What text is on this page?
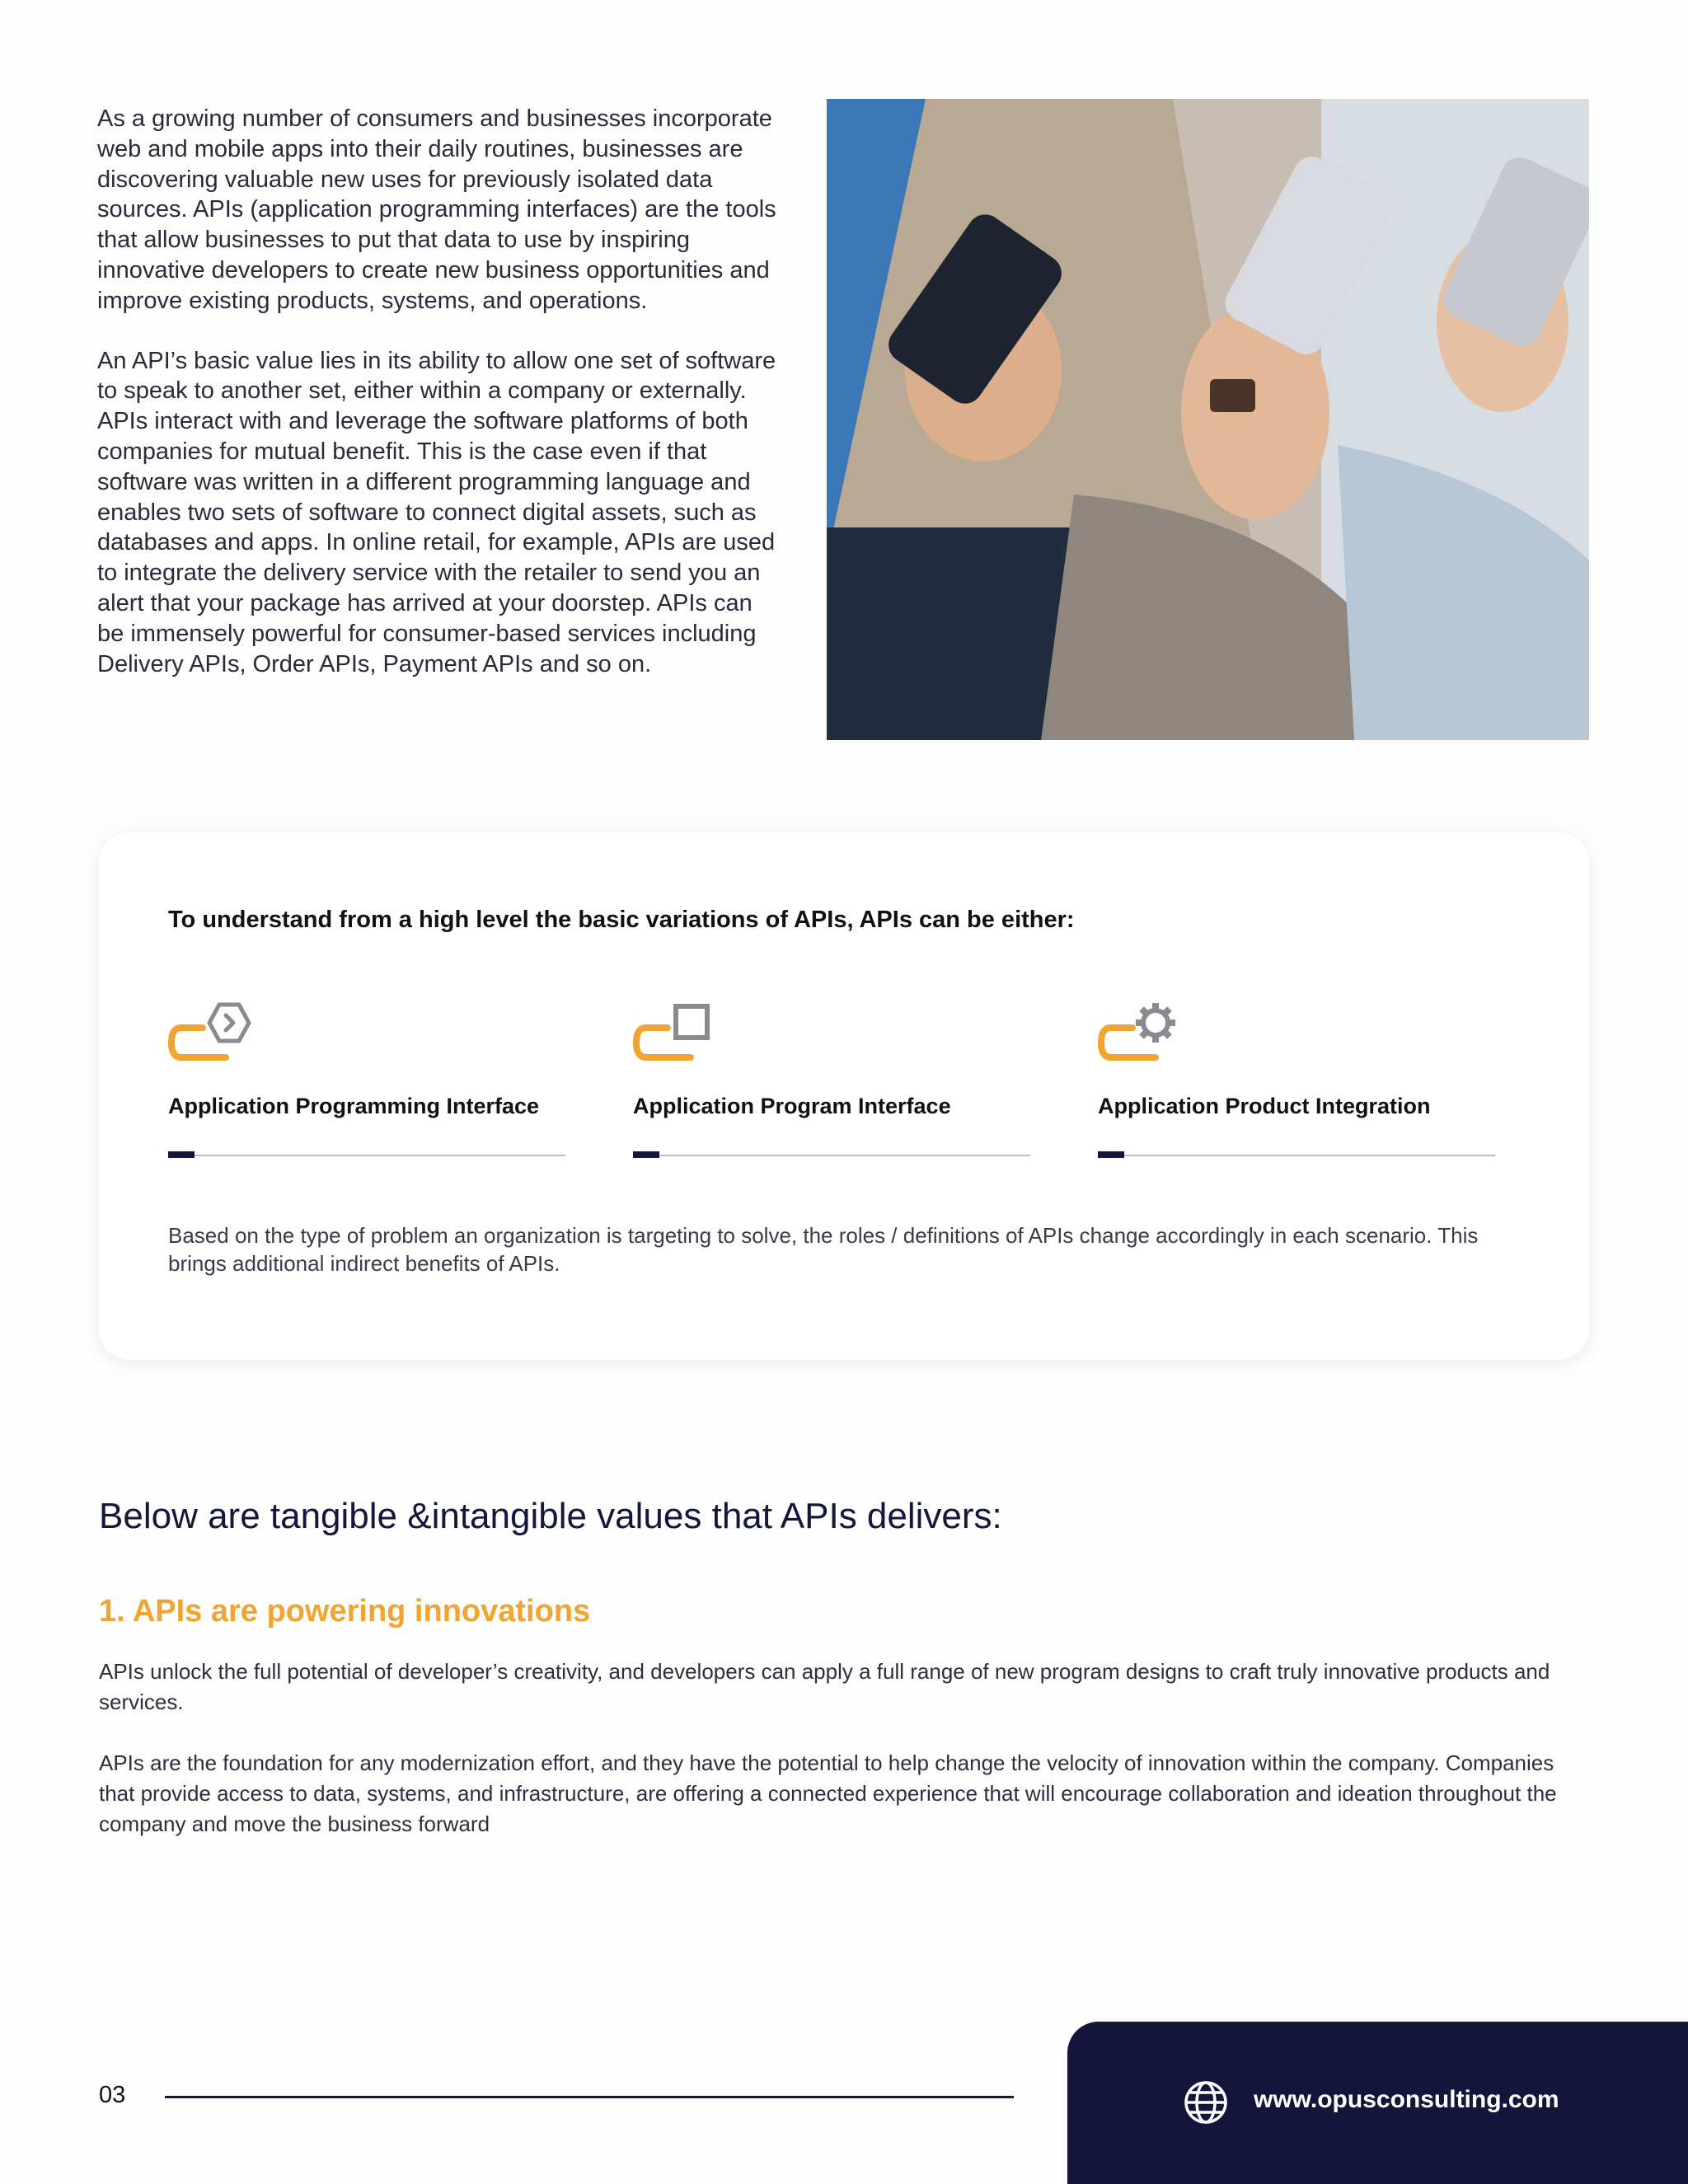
As a growing number of consumers and businesses incorporate web and mobile apps into their daily routines, businesses are discovering valuable new uses for previously isolated data sources. APIs (application programming interfaces) are the tools that allow businesses to put that data to use by inspiring innovative developers to create new business opportunities and improve existing products, systems, and operations.

An API’s basic value lies in its ability to allow one set of software to speak to another set, either within a company or externally. APIs interact with and leverage the software platforms of both companies for mutual benefit. This is the case even if that software was written in a different programming language and enables two sets of software to connect digital assets, such as databases and apps. In online retail, for example, APIs are used to integrate the delivery service with the retailer to send you an alert that your package has arrived at your doorstep. APIs can be immensely powerful for consumer-based services including Delivery APIs, Order APIs, Payment APIs and so on.

To understand from a high level the basic variations of APIs, APIs can be either:
Application Programming Interface	Application Program Interface	Application Product Integration
Based on the type of problem an organization is targeting to solve, the roles / definitions of APIs change accordingly in each scenario. This brings additional indirect benefits of APIs.
Below are tangible &intangible values that APIs delivers:
1. APIs are powering innovations

APIs unlock the full potential of developer’s creativity, and developers can apply a full range of new program designs to craft truly innovative products and services.

APIs are the foundation for any modernization effort, and they have the potential to help change the velocity of innovation within the company. Companies that provide access to data, systems, and infrastructure, are offering a connected experience that will encourage collaboration and ideation throughout the company and move the business forward

03	www.opusconsulting.com
